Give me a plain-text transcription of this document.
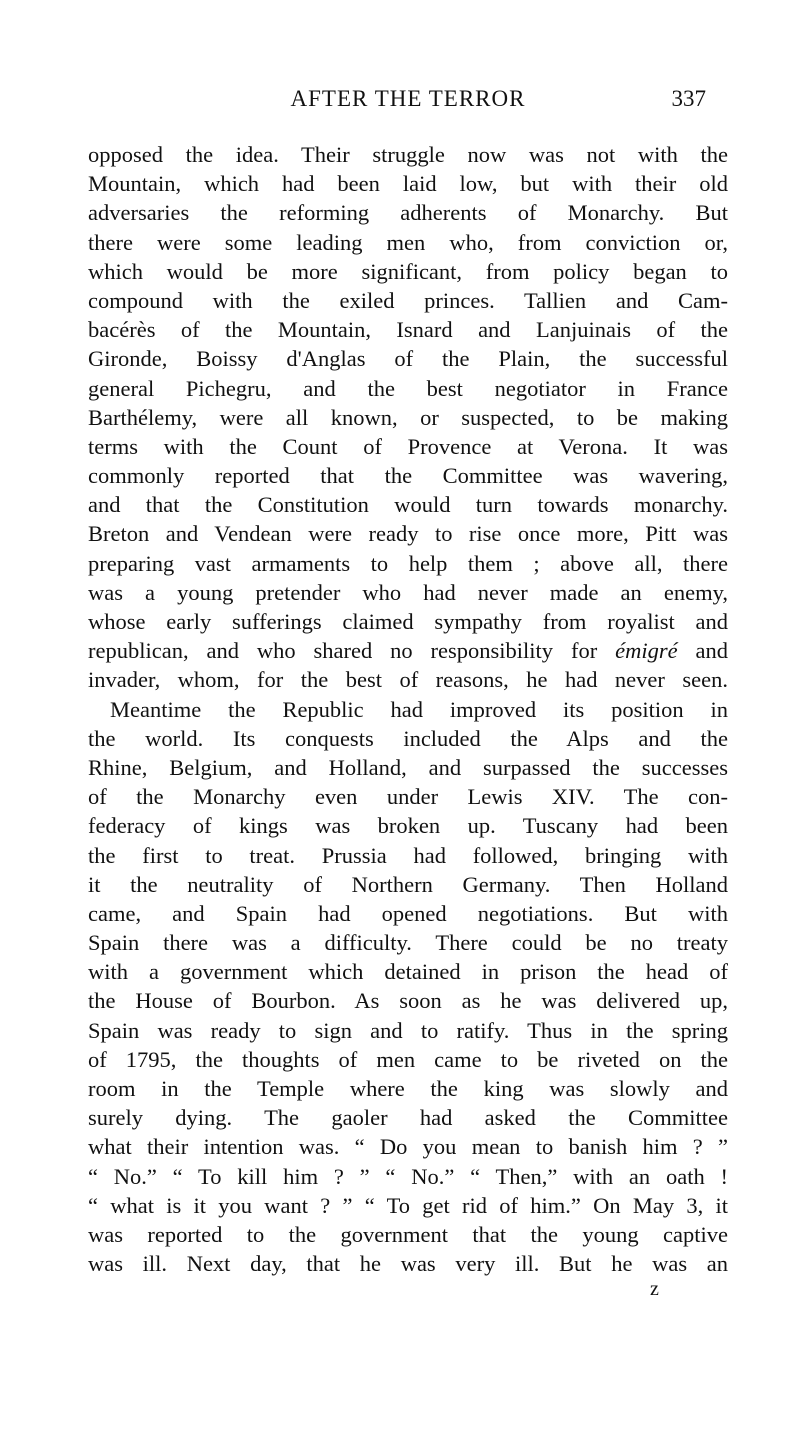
AFTER THE TERROR	337
opposed the idea. Their struggle now was not with the
Mountain, which had been laid low, but with their old
adversaries the reforming adherents of Monarchy. But
there were some leading men who, from conviction or,
which would be more significant, from policy began to
compound with the exiled princes. Tallien and Cam-
bacérès of the Mountain, Isnard and Lanjuinais of the
Gironde, Boissy d'Anglas of the Plain, the successful
general Pichegru, and the best negotiator in France
Barthélemy, were all known, or suspected, to be making
terms with the Count of Provence at Verona. It was
commonly reported that the Committee was wavering,
and that the Constitution would turn towards monarchy.
Breton and Vendean were ready to rise once more, Pitt was
preparing vast armaments to help them ; above all, there
was a young pretender who had never made an enemy,
whose early sufferings claimed sympathy from royalist and
republican, and who shared no responsibility for émigré and
invader, whom, for the best of reasons, he had never seen.
Meantime the Republic had improved its position in
the world. Its conquests included the Alps and the
Rhine, Belgium, and Holland, and surpassed the successes
of the Monarchy even under Lewis XIV. The con-
federacy of kings was broken up. Tuscany had been
the first to treat. Prussia had followed, bringing with
it the neutrality of Northern Germany. Then Holland
came, and Spain had opened negotiations. But with
Spain there was a difficulty. There could be no treaty
with a government which detained in prison the head of
the House of Bourbon. As soon as he was delivered up,
Spain was ready to sign and to ratify. Thus in the spring
of 1795, the thoughts of men came to be riveted on the
room in the Temple where the king was slowly and
surely dying. The gaoler had asked the Committee
what their intention was. “ Do you mean to banish him ? ”
“ No.” “ To kill him ? ” “ No.” “ Then,” with an oath !
“ what is it you want ? ” “ To get rid of him.” On May 3, it
was reported to the government that the young captive
was ill. Next day, that he was very ill. But he was an
z
